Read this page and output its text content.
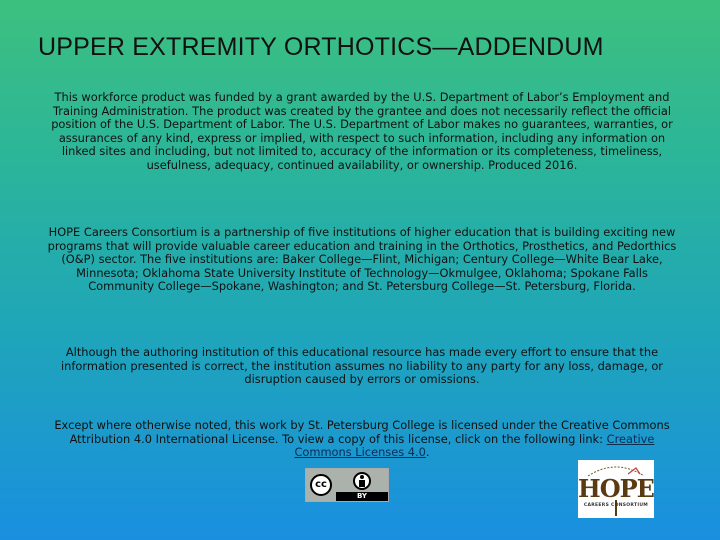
UPPER EXTREMITY ORTHOTICS—ADDENDUM

This workforce product was funded by a grant awarded by the U.S. Department of Labor’s Employment and Training Administration. The product was created by the grantee and does not necessarily reflect the official position of the U.S. Department of Labor. The U.S. Department of Labor makes no guarantees, warranties, or assurances of any kind, express or implied, with respect to such information, including any information on linked sites and including, but not limited to, accuracy of the information or its completeness, timeliness, usefulness, adequacy, continued availability, or ownership. Produced 2016.

HOPE Careers Consortium is a partnership of five institutions of higher education that is building exciting new programs that will provide valuable career education and training in the Orthotics, Prosthetics, and Pedorthics (O&P) sector. The five institutions are: Baker College—Flint, Michigan; Century College—White Bear Lake, Minnesota; Oklahoma State University Institute of Technology—Okmulgee, Oklahoma; Spokane Falls Community College—Spokane, Washington; and St. Petersburg College—St. Petersburg, Florida.

Although the authoring institution of this educational resource has made every effort to ensure that the information presented is correct, the institution assumes no liability to any party for any loss, damage, or disruption caused by errors or omissions.

Except where otherwise noted, this work by St. Petersburg College is licensed under the Creative Commons Attribution 4.0 International License. To view a copy of this license, click on the following link: Creative Commons Licenses 4.0.

cc
BY	HOPE
CAREERS CONSORTIUM
